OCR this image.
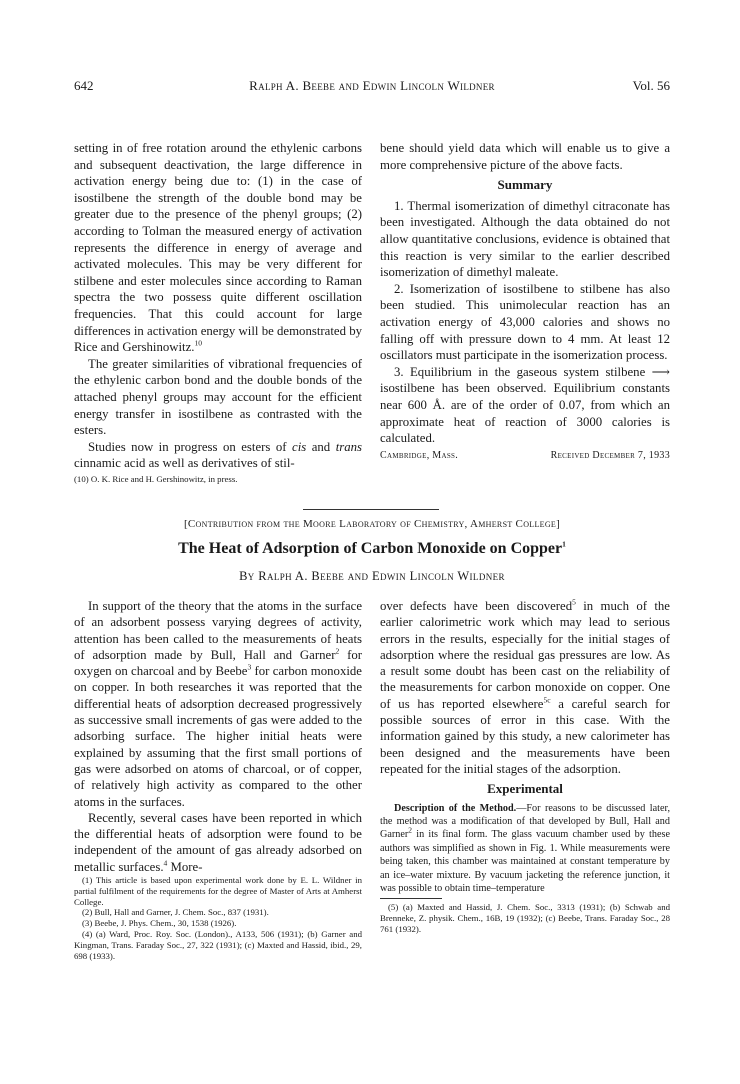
642	Ralph A. Beebe and Edwin Lincoln Wildner	Vol. 56

setting in of free rotation around the ethylenic carbons and subsequent deactivation, the large difference in activation energy being due to: (1) in the case of isostilbene the strength of the double bond may be greater due to the presence of the phenyl groups; (2) according to Tolman the measured energy of activation represents the difference in energy of average and activated molecules. This may be very different for stilbene and ester molecules since according to Raman spectra the two possess quite different oscillation frequencies. That this could account for large differences in activation energy will be demonstrated by Rice and Gershinowitz.$^{10}$

The greater similarities of vibrational frequencies of the ethylenic carbon bond and the double bonds of the attached phenyl groups may account for the efficient energy transfer in isostilbene as contrasted with the esters.

Studies now in progress on esters of cis and trans cinnamic acid as well as derivatives of stil-

(10) O. K. Rice and H. Gershinowitz, in press.

bene should yield data which will enable us to give a more comprehensive picture of the above facts.

Summary

1. Thermal isomerization of dimethyl citraconate has been investigated. Although the data obtained do not allow quantitative conclusions, evidence is obtained that this reaction is very similar to the earlier described isomerization of dimethyl maleate.

2. Isomerization of isostilbene to stilbene has also been studied. This unimolecular reaction has an activation energy of 43,000 calories and shows no falling off with pressure down to 4 mm. At least 12 oscillators must participate in the isomerization process.

3. Equilibrium in the gaseous system stilbene ⟶ isostilbene has been observed. Equilibrium constants near 600 Å. are of the order of 0.07, from which an approximate heat of reaction of 3000 calories is calculated.

Cambridge, Mass.	Received December 7, 1933
[Contribution from the Moore Laboratory of Chemistry, Amherst College]
The Heat of Adsorption of Carbon Monoxide on Copper$^1$
By Ralph A. Beebe and Edwin Lincoln Wildner

In support of the theory that the atoms in the surface of an adsorbent possess varying degrees of activity, attention has been called to the measurements of heats of adsorption made by Bull, Hall and Garner$^2$ for oxygen on charcoal and by Beebe$^3$ for carbon monoxide on copper. In both researches it was reported that the differential heats of adsorption decreased progressively as successive small increments of gas were added to the adsorbing surface. The higher initial heats were explained by assuming that the first small portions of gas were adsorbed on atoms of charcoal, or of copper, of relatively high activity as compared to the other atoms in the surfaces.

Recently, several cases have been reported in which the differential heats of adsorption were found to be independent of the amount of gas already adsorbed on metallic surfaces.$^4$ More-

(1) This article is based upon experimental work done by E. L. Wildner in partial fulfilment of the requirements for the degree of Master of Arts at Amherst College.

(2) Bull, Hall and Garner, J. Chem. Soc., 837 (1931).

(3) Beebe, J. Phys. Chem., 30, 1538 (1926).

(4) (a) Ward, Proc. Roy. Soc. (London)., A133, 506 (1931); (b) Garner and Kingman, Trans. Faraday Soc., 27, 322 (1931); (c) Maxted and Hassid, ibid., 29, 698 (1933).

over defects have been discovered$^5$ in much of the earlier calorimetric work which may lead to serious errors in the results, especially for the initial stages of adsorption where the residual gas pressures are low. As a result some doubt has been cast on the reliability of the measurements for carbon monoxide on copper. One of us has reported elsewhere$^{5c}$ a careful search for possible sources of error in this case. With the information gained by this study, a new calorimeter has been designed and the measurements have been repeated for the initial stages of the adsorption.

Experimental

Description of the Method.—For reasons to be discussed later, the method was a modification of that developed by Bull, Hall and Garner$^2$ in its final form. The glass vacuum chamber used by these authors was simplified as shown in Fig. 1. While measurements were being taken, this chamber was maintained at constant temperature by an ice–water mixture. By vacuum jacketing the reference junction, it was possible to obtain time–temperature

(5) (a) Maxted and Hassid, J. Chem. Soc., 3313 (1931); (b) Schwab and Brenneke, Z. physik. Chem., 16B, 19 (1932); (c) Beebe, Trans. Faraday Soc., 28 761 (1932).
